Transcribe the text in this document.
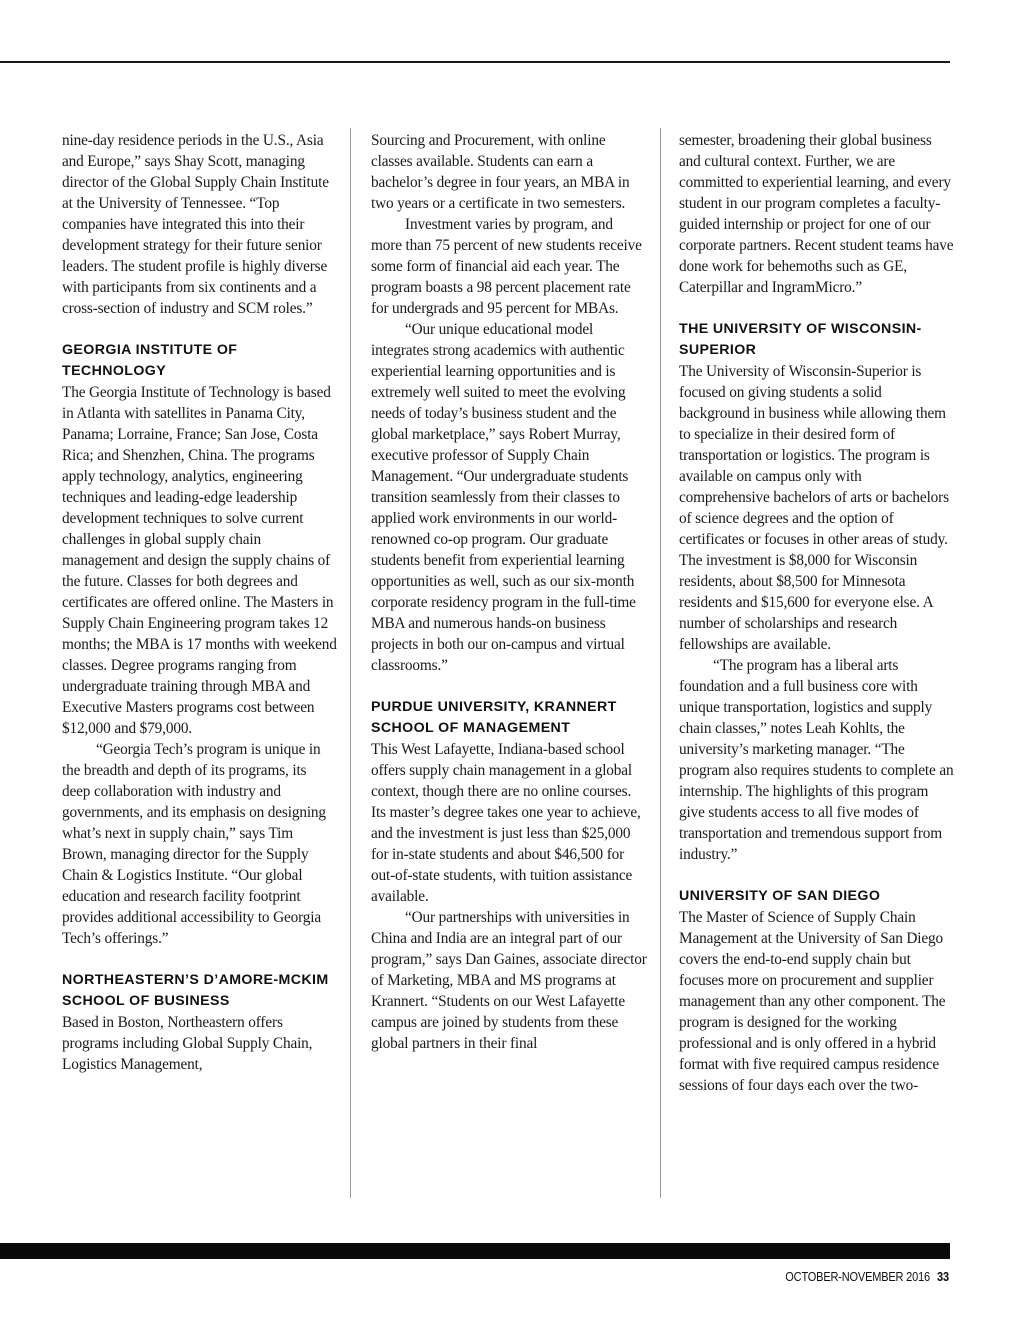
nine-day residence periods in the U.S., Asia and Europe,” says Shay Scott, managing director of the Global Supply Chain Institute at the University of Tennessee. “Top companies have integrated this into their development strategy for their future senior leaders. The student profile is highly diverse with participants from six continents and a cross-section of industry and SCM roles.”

GEORGIA INSTITUTE OF TECHNOLOGY

The Georgia Institute of Technology is based in Atlanta with satellites in Panama City, Panama; Lorraine, France; San Jose, Costa Rica; and Shenzhen, China. The programs apply technology, analytics, engineering techniques and leading-edge leadership development techniques to solve current challenges in global supply chain management and design the supply chains of the future. Classes for both degrees and certificates are offered online. The Masters in Supply Chain Engineering program takes 12 months; the MBA is 17 months with weekend classes. Degree programs ranging from undergraduate training through MBA and Executive Masters programs cost between $12,000 and $79,000.

“Georgia Tech’s program is unique in the breadth and depth of its programs, its deep collaboration with industry and governments, and its emphasis on designing what’s next in supply chain,” says Tim Brown, managing director for the Supply Chain & Logistics Institute. “Our global education and research facility footprint provides additional accessibility to Georgia Tech’s offerings.”

NORTHEASTERN’S D’AMORE-MCKIM SCHOOL OF BUSINESS

Based in Boston, Northeastern offers programs including Global Supply Chain, Logistics Management,

Sourcing and Procurement, with online classes available. Students can earn a bachelor’s degree in four years, an MBA in two years or a certificate in two semesters.

Investment varies by program, and more than 75 percent of new students receive some form of financial aid each year. The program boasts a 98 percent placement rate for undergrads and 95 percent for MBAs.

“Our unique educational model integrates strong academics with authentic experiential learning opportunities and is extremely well suited to meet the evolving needs of today’s business student and the global marketplace,” says Robert Murray, executive professor of Supply Chain Management. “Our undergraduate students transition seamlessly from their classes to applied work environments in our world-renowned co-op program. Our graduate students benefit from experiential learning opportunities as well, such as our six-month corporate residency program in the full-time MBA and numerous hands-on business projects in both our on-campus and virtual classrooms.”

PURDUE UNIVERSITY, KRANNERT SCHOOL OF MANAGEMENT

This West Lafayette, Indiana-based school offers supply chain management in a global context, though there are no online courses. Its master’s degree takes one year to achieve, and the investment is just less than $25,000 for in-state students and about $46,500 for out-of-state students, with tuition assistance available.

“Our partnerships with universities in China and India are an integral part of our program,” says Dan Gaines, associate director of Marketing, MBA and MS programs at Krannert. “Students on our West Lafayette campus are joined by students from these global partners in their final

semester, broadening their global business and cultural context. Further, we are committed to experiential learning, and every student in our program completes a faculty-guided internship or project for one of our corporate partners. Recent student teams have done work for behemoths such as GE, Caterpillar and IngramMicro.”

THE UNIVERSITY OF WISCONSIN-SUPERIOR

The University of Wisconsin-Superior is focused on giving students a solid background in business while allowing them to specialize in their desired form of transportation or logistics. The program is available on campus only with comprehensive bachelors of arts or bachelors of science degrees and the option of certificates or focuses in other areas of study. The investment is $8,000 for Wisconsin residents, about $8,500 for Minnesota residents and $15,600 for everyone else. A number of scholarships and research fellowships are available.

“The program has a liberal arts foundation and a full business core with unique transportation, logistics and supply chain classes,” notes Leah Kohlts, the university’s marketing manager. “The program also requires students to complete an internship. The highlights of this program give students access to all five modes of transportation and tremendous support from industry.”

UNIVERSITY OF SAN DIEGO

The Master of Science of Supply Chain Management at the University of San Diego covers the end-to-end supply chain but focuses more on procurement and supplier management than any other component. The program is designed for the working professional and is only offered in a hybrid format with five required campus residence sessions of four days each over the two-

OCTOBER-NOVEMBER 2016 33
